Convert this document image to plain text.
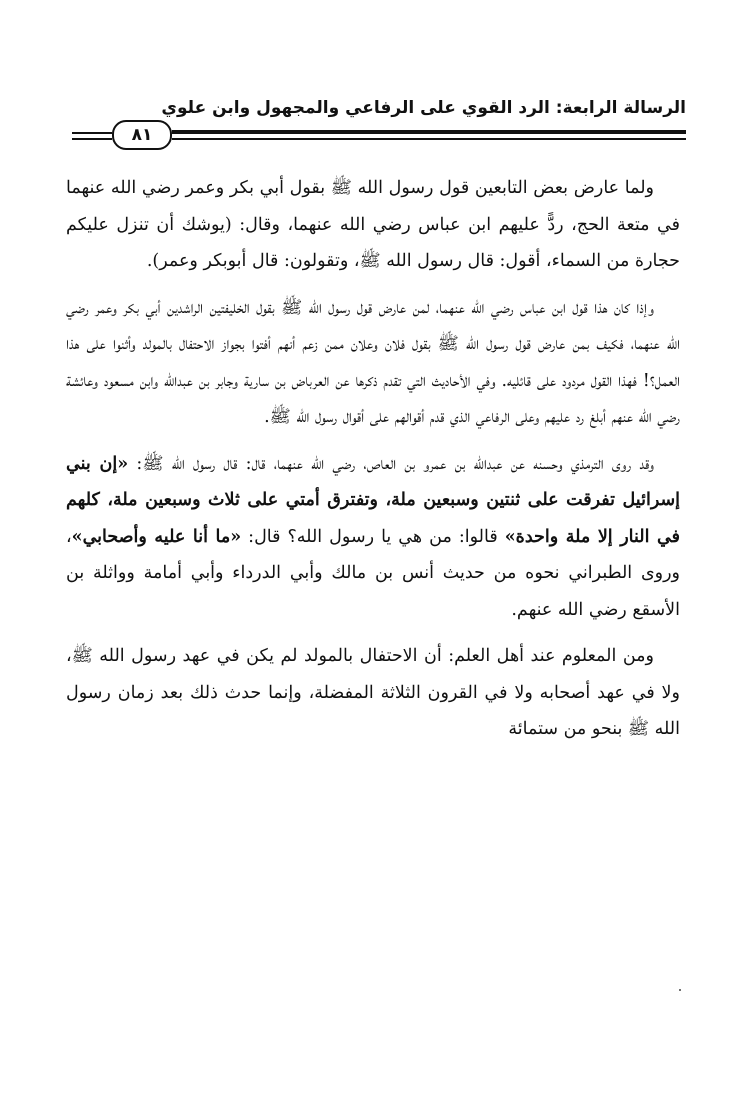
الرسالة الرابعة: الرد القوي على الرفاعي والمجهول وابن علوي
٨١

ولما عارض بعض التابعين قول رسول الله ﷺ بقول أبي بكر وعمر رضي الله عنهما في متعة الحج، ردًّ عليهم ابن عباس رضي الله عنهما، وقال: (يوشك أن تنزل عليكم حجارة من السماء، أقول: قال رسول الله ﷺ، وتقولون: قال أبوبكر وعمر).

وإذا كان هذا قول ابن عباس رضي الله عنهما، لمن عارض قول رسول الله ﷺ بقول الخليفتين الراشدين أبي بكر وعمر رضي الله عنهما، فكيف بمن عارض قول رسول الله ﷺ بقول فلان وعلان ممن زعم أنهم أفتوا بجواز الاحتفال بالمولد وأثنوا على هذا العمل؟! فهذا القول مردود على قائليه. وفي الأحاديث التي تقدم ذكرها عن العرباض بن سارية وجابر بن عبدالله وابن مسعود وعائشة رضي الله عنهم أبلغ رد عليهم وعلى الرفاعي الذي قدم أقوالهم على أقوال رسول الله ﷺ.

وقد روى الترمذي وحسنه عن عبدالله بن عمرو بن العاص، رضي الله عنهما، قال: قال رسول الله ﷺ: «إن بني إسرائيل تفرقت على ثنتين وسبعين ملة، وتفترق أمتي على ثلاث وسبعين ملة، كلهم في النار إلا ملة واحدة» قالوا: من هي يا رسول الله؟ قال: «ما أنا عليه وأصحابي»، وروى الطبراني نحوه من حديث أنس بن مالك وأبي الدرداء وأبي أمامة وواثلة بن الأسقع رضي الله عنهم.

ومن المعلوم عند أهل العلم: أن الاحتفال بالمولد لم يكن في عهد رسول الله ﷺ، ولا في عهد أصحابه ولا في القرون الثلاثة المفضلة، وإنما حدث ذلك بعد زمان رسول الله ﷺ بنحو من ستمائة
